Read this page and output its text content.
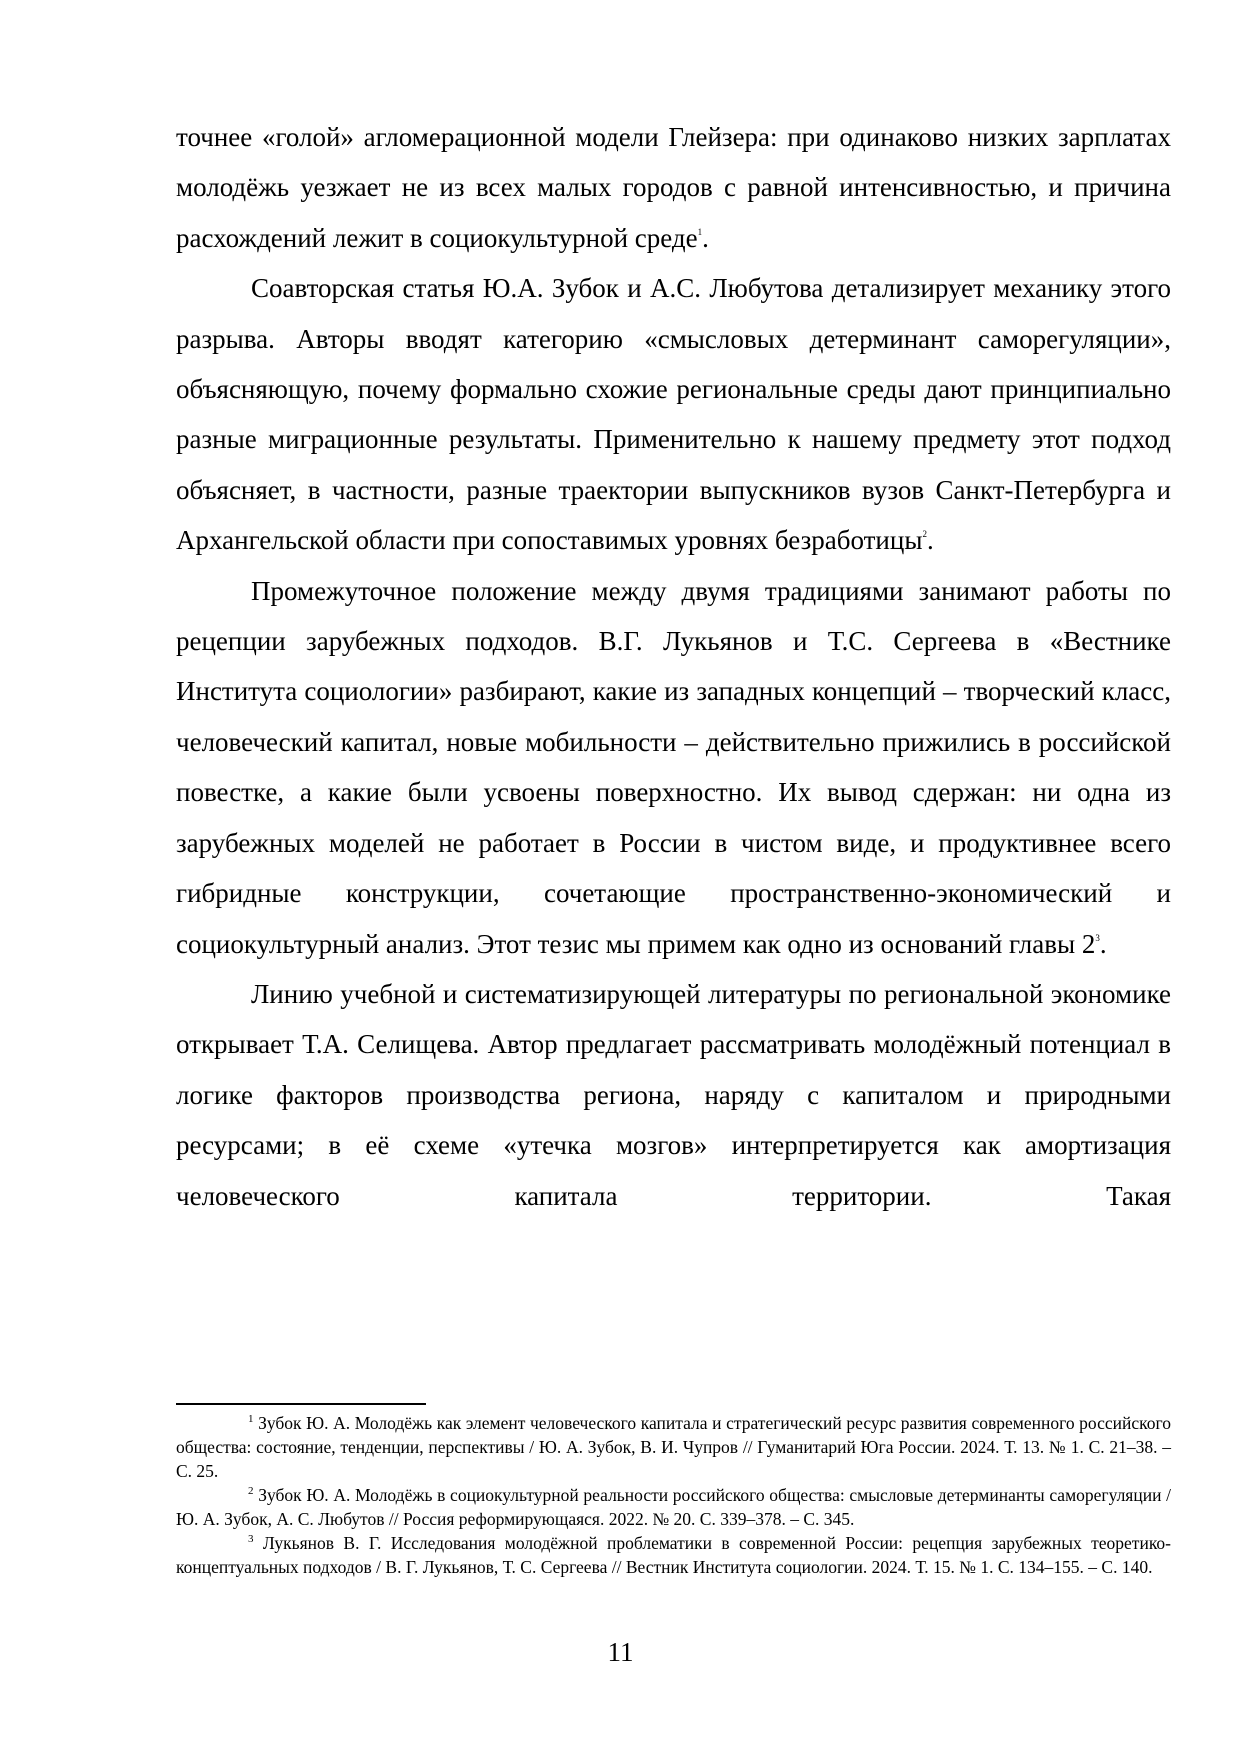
точнее «голой» агломерационной модели Глейзера: при одинаково низких зарплатах молодёжь уезжает не из всех малых городов с равной интенсивностью, и причина расхождений лежит в социокультурной среде$^1$.

Соавторская статья Ю.А. Зубок и А.С. Любутова детализирует механику этого разрыва. Авторы вводят категорию «смысловых детерминант саморегуляции», объясняющую, почему формально схожие региональные среды дают принципиально разные миграционные результаты. Применительно к нашему предмету этот подход объясняет, в частности, разные траектории выпускников вузов Санкт-Петербурга и Архангельской области при сопоставимых уровнях безработицы$^2$.

Промежуточное положение между двумя традициями занимают работы по рецепции зарубежных подходов. В.Г. Лукьянов и Т.С. Сергеева в «Вестнике Института социологии» разбирают, какие из западных концепций – творческий класс, человеческий капитал, новые мобильности – действительно прижились в российской повестке, а какие были усвоены поверхностно. Их вывод сдержан: ни одна из зарубежных моделей не работает в России в чистом виде, и продуктивнее всего гибридные конструкции, сочетающие пространственно-экономический и социокультурный анализ. Этот тезис мы примем как одно из оснований главы 2$^3$.

Линию учебной и систематизирующей литературы по региональной экономике открывает Т.А. Селищева. Автор предлагает рассматривать молодёжный потенциал в логике факторов производства региона, наряду с капиталом и природными ресурсами; в её схеме «утечка мозгов» интерпретируется как амортизация человеческого капитала территории. Такая

$^1$ Зубок Ю. А. Молодёжь как элемент человеческого капитала и стратегический ресурс развития современного российского общества: состояние, тенденции, перспективы / Ю. А. Зубок, В. И. Чупров // Гуманитарий Юга России. 2024. Т. 13. № 1. С. 21–38. – С. 25.

$^2$ Зубок Ю. А. Молодёжь в социокультурной реальности российского общества: смысловые детерминанты саморегуляции / Ю. А. Зубок, А. С. Любутов // Россия реформирующаяся. 2022. № 20. С. 339–378. – С. 345.

$^3$ Лукьянов В. Г. Исследования молодёжной проблематики в современной России: рецепция зарубежных теоретико-концептуальных подходов / В. Г. Лукьянов, Т. С. Сергеева // Вестник Института социологии. 2024. Т. 15. № 1. С. 134–155. – С. 140.

11
